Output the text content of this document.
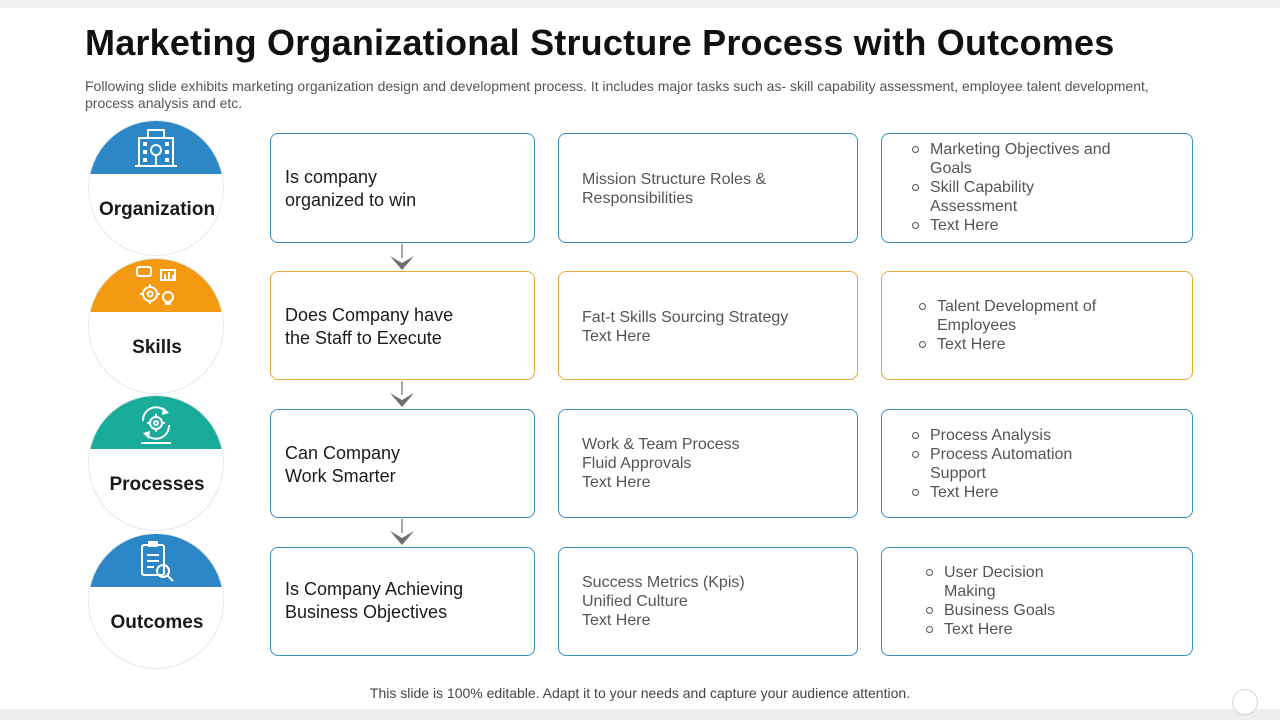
Marketing Organizational Structure Process with Outcomes

Following slide exhibits marketing organization design and development process. It includes major tasks such as- skill capability assessment, employee talent development, process analysis and etc.

Organization
Is company
organized to win
Mission Structure Roles &
Responsibilities
Marketing Objectives and Goals
Skill Capability Assessment
Text Here
Skills
Does Company have
the Staff to Execute
Fat-t Skills Sourcing Strategy
Text Here
Talent Development of Employees
Text Here
Processes
Can Company
Work Smarter
Work & Team Process
Fluid Approvals
Text Here
Process Analysis
Process Automation Support
Text Here
Outcomes
Is Company Achieving
Business Objectives
Success Metrics (Kpis)
Unified Culture
Text Here
User Decision Making
Business Goals
Text Here
This slide is 100% editable. Adapt it to your needs and capture your audience attention.
